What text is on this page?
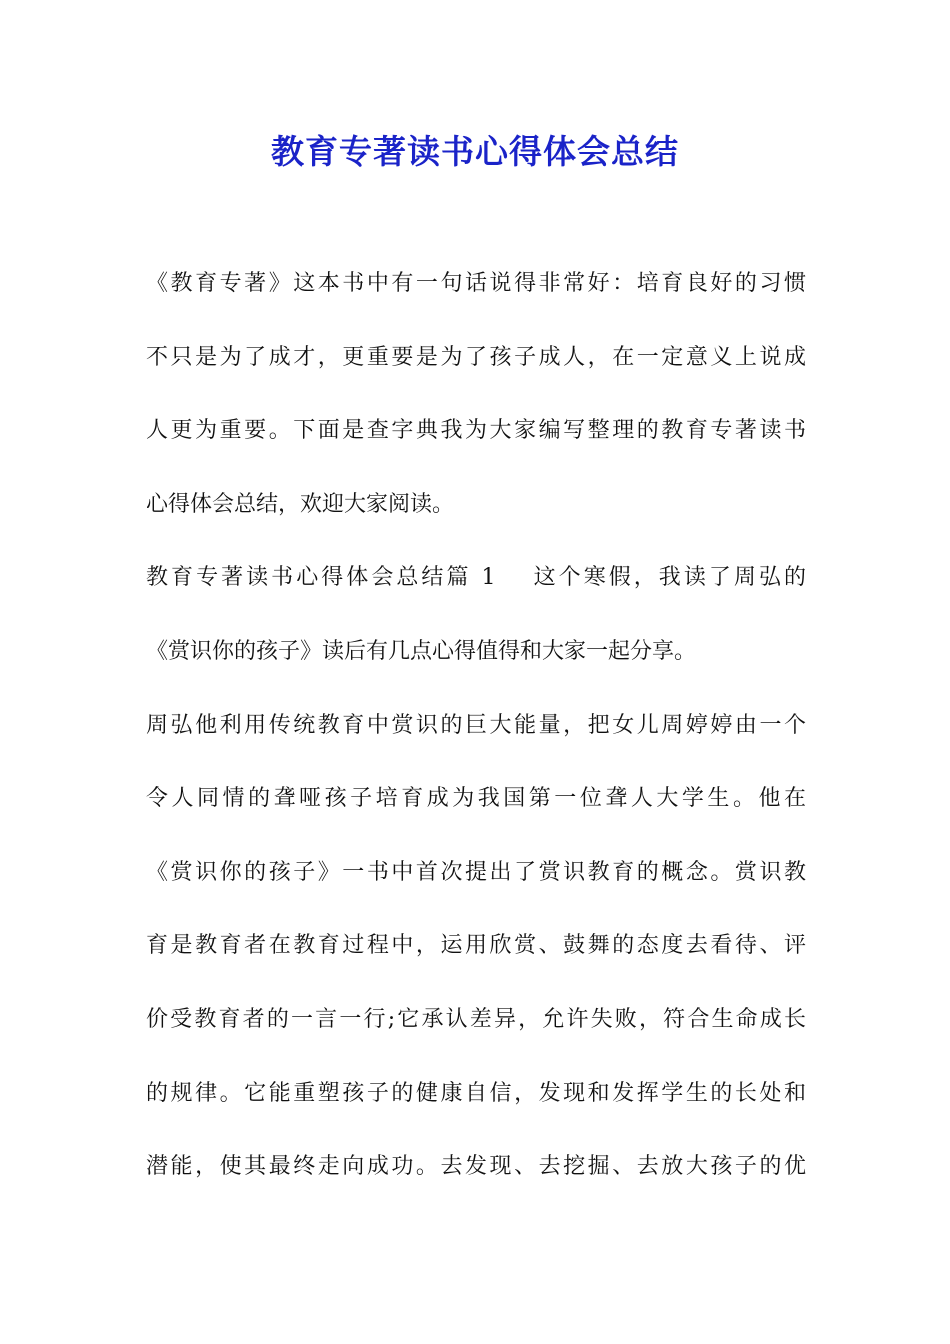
教育专著读书心得体会总结
《教育专著》这本书中有一句话说得非常好：培育良好的习惯
不只是为了成才，更重要是为了孩子成人，在一定意义上说成
人更为重要。下面是查字典我为大家编写整理的教育专著读书
心得体会总结，欢迎大家阅读。
教育专著读书心得体会总结篇 1　 这个寒假，我读了周弘的
《赏识你的孩子》读后有几点心得值得和大家一起分享。
周弘他利用传统教育中赏识的巨大能量，把女儿周婷婷由一个
令人同情的聋哑孩子培育成为我国第一位聋人大学生。他在
《赏识你的孩子》一书中首次提出了赏识教育的概念。赏识教
育是教育者在教育过程中，运用欣赏、鼓舞的态度去看待、评
价受教育者的一言一行;它承认差异，允许失败，符合生命成长
的规律。它能重塑孩子的健康自信，发现和发挥学生的长处和
潜能，使其最终走向成功。去发现、去挖掘、去放大孩子的优
